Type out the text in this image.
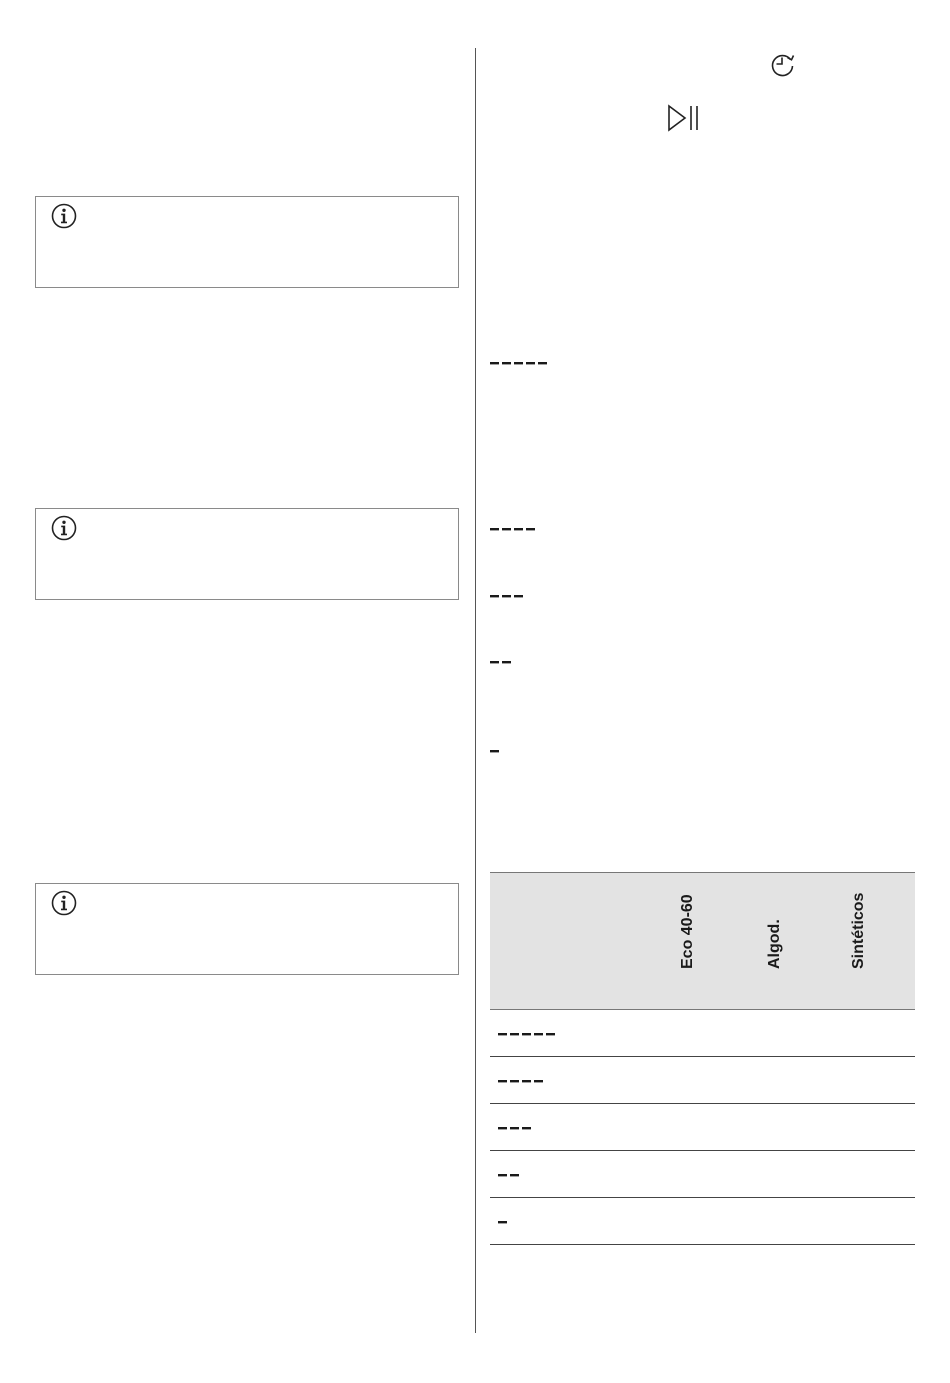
Eco 40-60	Algod.	Sintéticos
